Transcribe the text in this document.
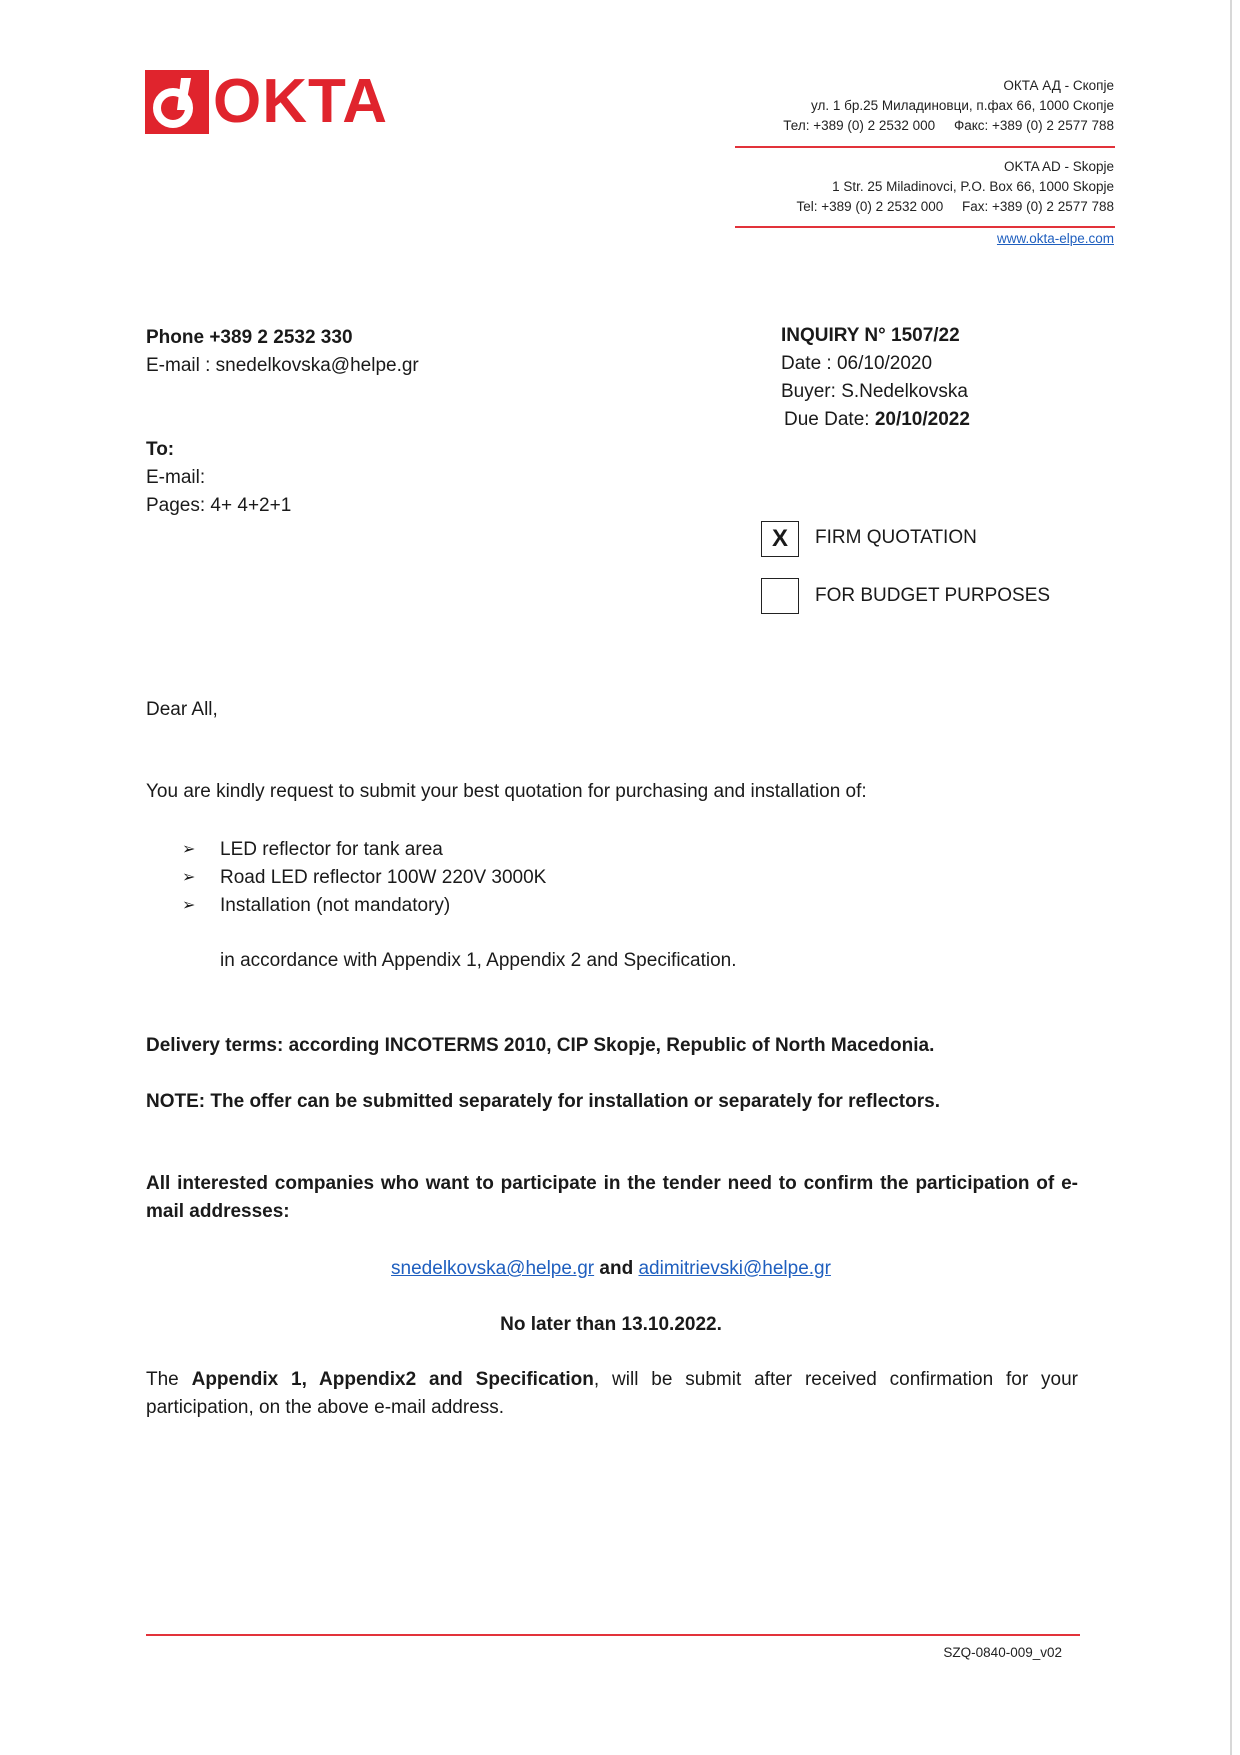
OKTA	ОКТА АД - Скопје
ул. 1 бр.25 Миладиновци, п.фах 66, 1000 Скопје
Тел: +389 (0) 2 2532 000 Факс: +389 (0) 2 2577 788
OKTA AD - Skopje
1 Str. 25 Miladinovci, P.O. Box 66, 1000 Skopje
Tel: +389 (0) 2 2532 000 Fax: +389 (0) 2 2577 788
www.okta-elpe.com
Phone +389 2 2532 330
E-mail : snedelkovska@helpe.gr
INQUIRY N° 1507/22
Date : 06/10/2020
Buyer: S.Nedelkovska
Due Date: 20/10/2022
To:
E-mail:
Pages: 4+ 4+2+1
X	FIRM QUOTATION
FOR BUDGET PURPOSES
Dear All,
You are kindly request to submit your best quotation for purchasing and installation of:
➢	LED reflector for tank area
➢	Road LED reflector 100W 220V 3000K
➢	Installation (not mandatory)
in accordance with Appendix 1, Appendix 2 and Specification.
Delivery terms: according INCOTERMS 2010, CIP Skopje, Republic of North Macedonia.
NOTE: The offer can be submitted separately for installation or separately for reflectors.
All interested companies who want to participate in the tender need to confirm the participation of e-mail addresses:
snedelkovska@helpe.gr and adimitrievski@helpe.gr
No later than 13.10.2022.
The Appendix 1, Appendix2 and Specification, will be submit after received confirmation for your participation, on the above e-mail address.
SZQ-0840-009_v02
